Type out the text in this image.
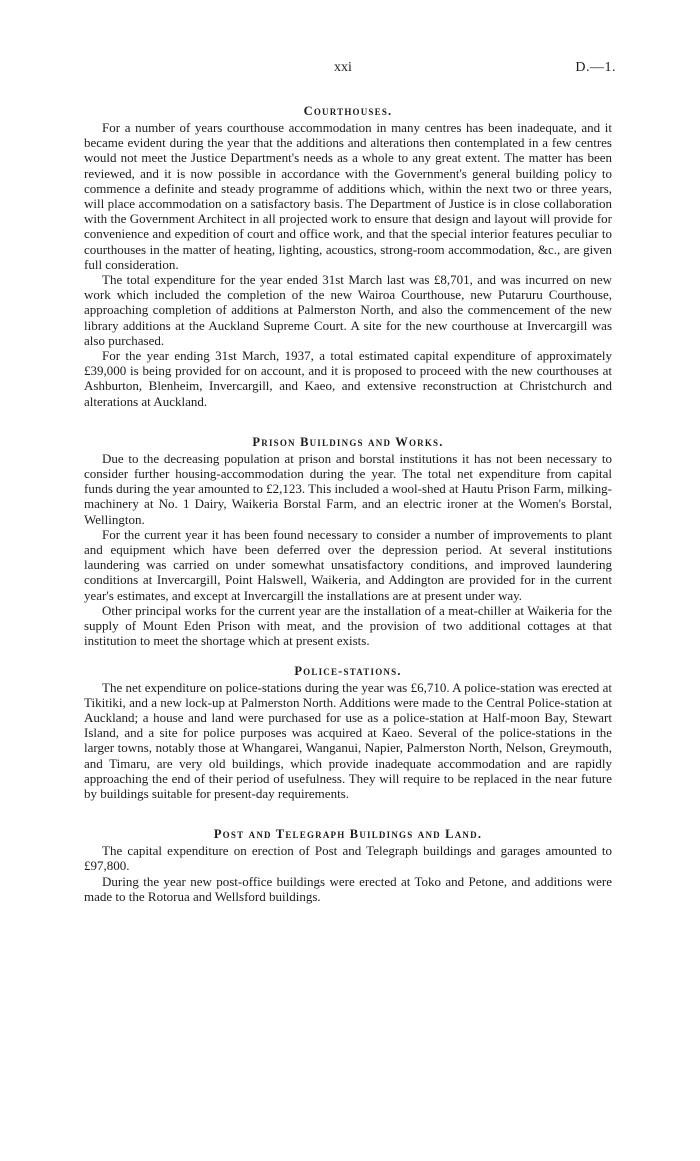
xxi	D.—1.
Courthouses.

For a number of years courthouse accommodation in many centres has been inadequate, and it became evident during the year that the additions and alterations then contemplated in a few centres would not meet the Justice Department's needs as a whole to any great extent. The matter has been reviewed, and it is now possible in accordance with the Government's general building policy to commence a definite and steady programme of additions which, within the next two or three years, will place accommodation on a satisfactory basis. The Department of Justice is in close collaboration with the Government Architect in all projected work to ensure that design and layout will provide for convenience and expedition of court and office work, and that the special interior features peculiar to courthouses in the matter of heating, lighting, acoustics, strong-room accommodation, &c., are given full consideration.

The total expenditure for the year ended 31st March last was £8,701, and was incurred on new work which included the completion of the new Wairoa Courthouse, new Putaruru Courthouse, approaching completion of additions at Palmerston North, and also the commencement of the new library additions at the Auckland Supreme Court. A site for the new courthouse at Invercargill was also purchased.

For the year ending 31st March, 1937, a total estimated capital expenditure of approximately £39,000 is being provided for on account, and it is proposed to proceed with the new courthouses at Ashburton, Blenheim, Invercargill, and Kaeo, and extensive reconstruction at Christchurch and alterations at Auckland.

Prison Buildings and Works.

Due to the decreasing population at prison and borstal institutions it has not been necessary to consider further housing-accommodation during the year. The total net expenditure from capital funds during the year amounted to £2,123. This included a wool-shed at Hautu Prison Farm, milking-machinery at No. 1 Dairy, Waikeria Borstal Farm, and an electric ironer at the Women's Borstal, Wellington.

For the current year it has been found necessary to consider a number of improvements to plant and equipment which have been deferred over the depression period. At several institutions laundering was carried on under somewhat unsatisfactory conditions, and improved laundering conditions at Invercargill, Point Halswell, Waikeria, and Addington are provided for in the current year's estimates, and except at Invercargill the installations are at present under way.

Other principal works for the current year are the installation of a meat-chiller at Waikeria for the supply of Mount Eden Prison with meat, and the provision of two additional cottages at that institution to meet the shortage which at present exists.

Police-stations.

The net expenditure on police-stations during the year was £6,710. A police-station was erected at Tikitiki, and a new lock-up at Palmerston North. Additions were made to the Central Police-station at Auckland; a house and land were purchased for use as a police-station at Half-moon Bay, Stewart Island, and a site for police purposes was acquired at Kaeo. Several of the police-stations in the larger towns, notably those at Whangarei, Wanganui, Napier, Palmerston North, Nelson, Greymouth, and Timaru, are very old buildings, which provide inadequate accommodation and are rapidly approaching the end of their period of usefulness. They will require to be replaced in the near future by buildings suitable for present-day requirements.

Post and Telegraph Buildings and Land.

The capital expenditure on erection of Post and Telegraph buildings and garages amounted to £97,800.

During the year new post-office buildings were erected at Toko and Petone, and additions were made to the Rotorua and Wellsford buildings.
